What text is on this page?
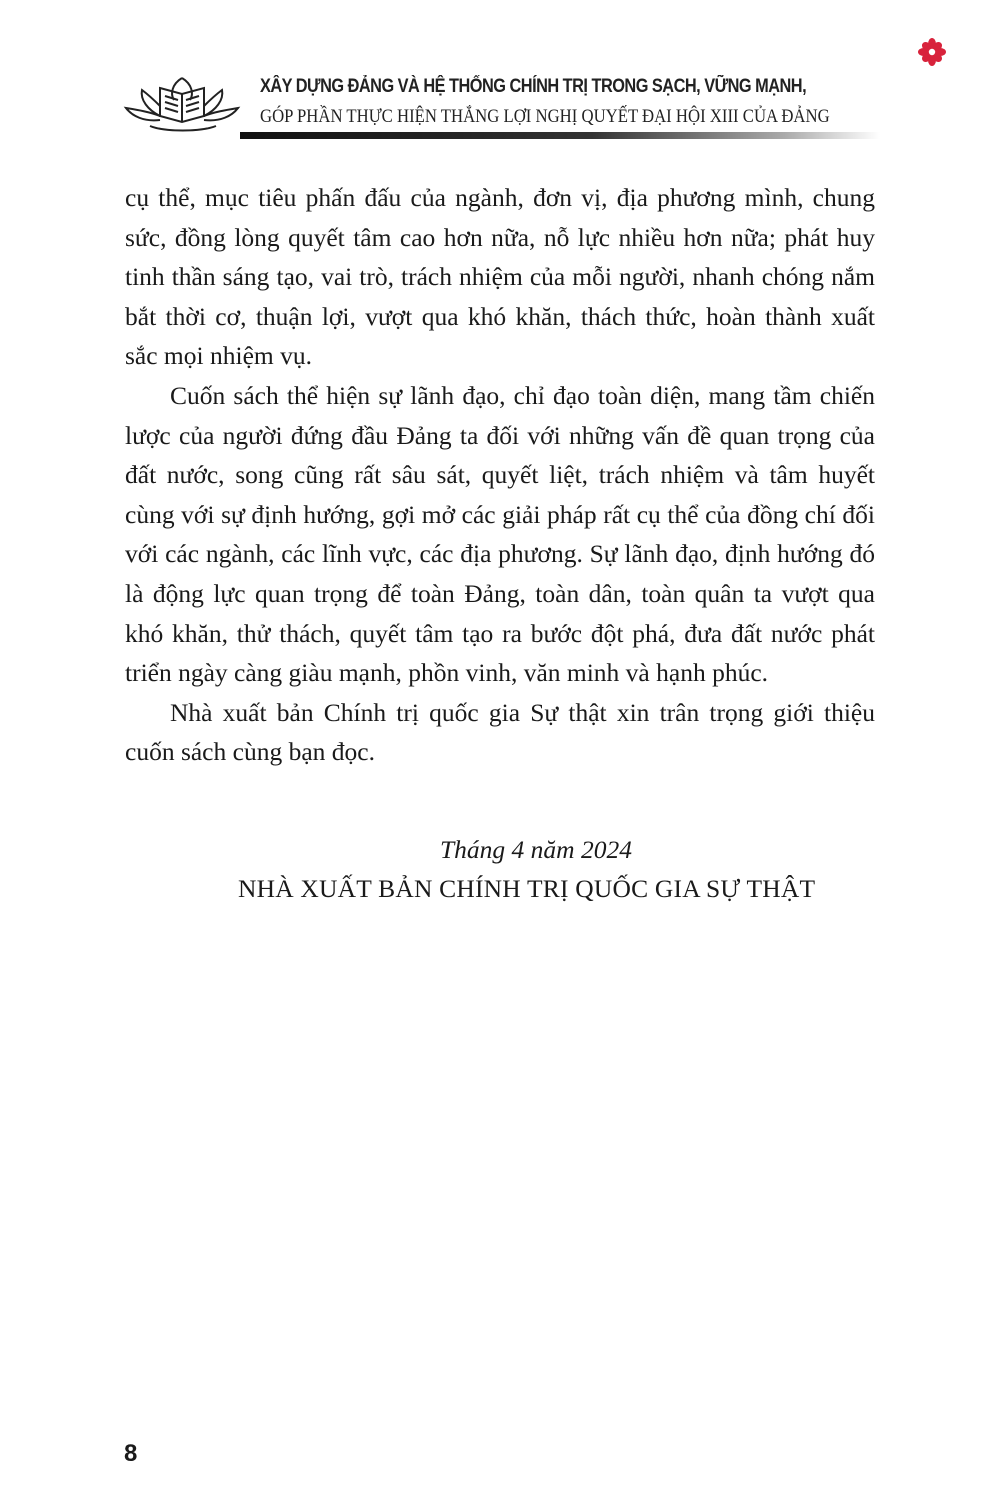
XÂY DỰNG ĐẢNG VÀ HỆ THỐNG CHÍNH TRỊ TRONG SẠCH, VỮNG MẠNH,
GÓP PHẦN THỰC HIỆN THẮNG LỢI NGHỊ QUYẾT ĐẠI HỘI XIII CỦA ĐẢNG

cụ thể, mục tiêu phấn đấu của ngành, đơn vị, địa phương mình, chung sức, đồng lòng quyết tâm cao hơn nữa, nỗ lực nhiều hơn nữa; phát huy tinh thần sáng tạo, vai trò, trách nhiệm của mỗi người, nhanh chóng nắm bắt thời cơ, thuận lợi, vượt qua khó khăn, thách thức, hoàn thành xuất sắc mọi nhiệm vụ.

Cuốn sách thể hiện sự lãnh đạo, chỉ đạo toàn diện, mang tầm chiến lược của người đứng đầu Đảng ta đối với những vấn đề quan trọng của đất nước, song cũng rất sâu sát, quyết liệt, trách nhiệm và tâm huyết cùng với sự định hướng, gợi mở các giải pháp rất cụ thể của đồng chí đối với các ngành, các lĩnh vực, các địa phương. Sự lãnh đạo, định hướng đó là động lực quan trọng để toàn Đảng, toàn dân, toàn quân ta vượt qua khó khăn, thử thách, quyết tâm tạo ra bước đột phá, đưa đất nước phát triển ngày càng giàu mạnh, phồn vinh, văn minh và hạnh phúc.

Nhà xuất bản Chính trị quốc gia Sự thật xin trân trọng giới thiệu cuốn sách cùng bạn đọc.

Tháng 4 năm 2024
NHÀ XUẤT BẢN CHÍNH TRỊ QUỐC GIA SỰ THẬT
8
